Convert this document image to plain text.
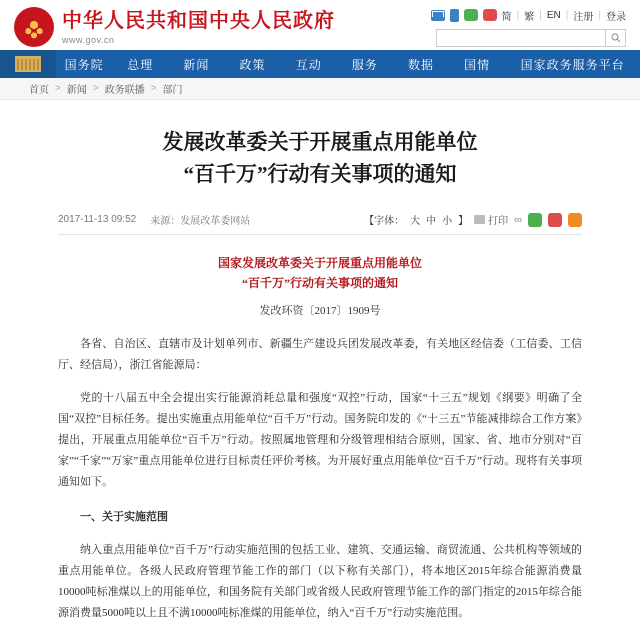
中华人民共和国中央人民政府
www.gov.cn
简 | 繁 | EN | 注册 | 登录
国务院	总理	新闻	政策	互动	服务	数据	国情	国家政务服务平台
首页 > 新闻 > 政务联播 > 部门
发展改革委关于开展重点用能单位
“百千万”行动有关事项的通知
2017-11-13 09:52 来源： 发展改革委网站	【字体： 大 中 小 】 打印 ∞
国家发展改革委关于开展重点用能单位
“百千万”行动有关事项的通知
发改环资〔2017〕1909号
各省、自治区、直辖市及计划单列市、新疆生产建设兵团发展改革委，有关地区经信委（工信委、工信厅、经信局），浙江省能源局：
党的十八届五中全会提出实行能源消耗总量和强度“双控”行动，国家“十三五”规划《纲要》明确了全国“双控”目标任务。提出实施重点用能单位“百千万”行动。国务院印发的《“十三五”节能减排综合工作方案》提出，开展重点用能单位“百千万”行动。按照属地管理和分级管理相结合原则，国家、省、地市分别对“百家”“千家”“万家”重点用能单位进行目标责任评价考核。为开展好重点用能单位“百千万”行动。现将有关事项通知如下。
一、关于实施范围
纳入重点用能单位“百千万”行动实施范围的包括工业、建筑、交通运输、商贸流通、公共机构等领域的重点用能单位。各级人民政府管理节能工作的部门（以下称有关部门），将本地区2015年综合能源消费量10000吨标准煤以上的用能单位，和国务院有关部门或省级人民政府管理节能工作的部门指定的2015年综合能源消费量5000吨以上且不满10000吨标准煤的用能单位，纳入“百千万”行动实施范围。
